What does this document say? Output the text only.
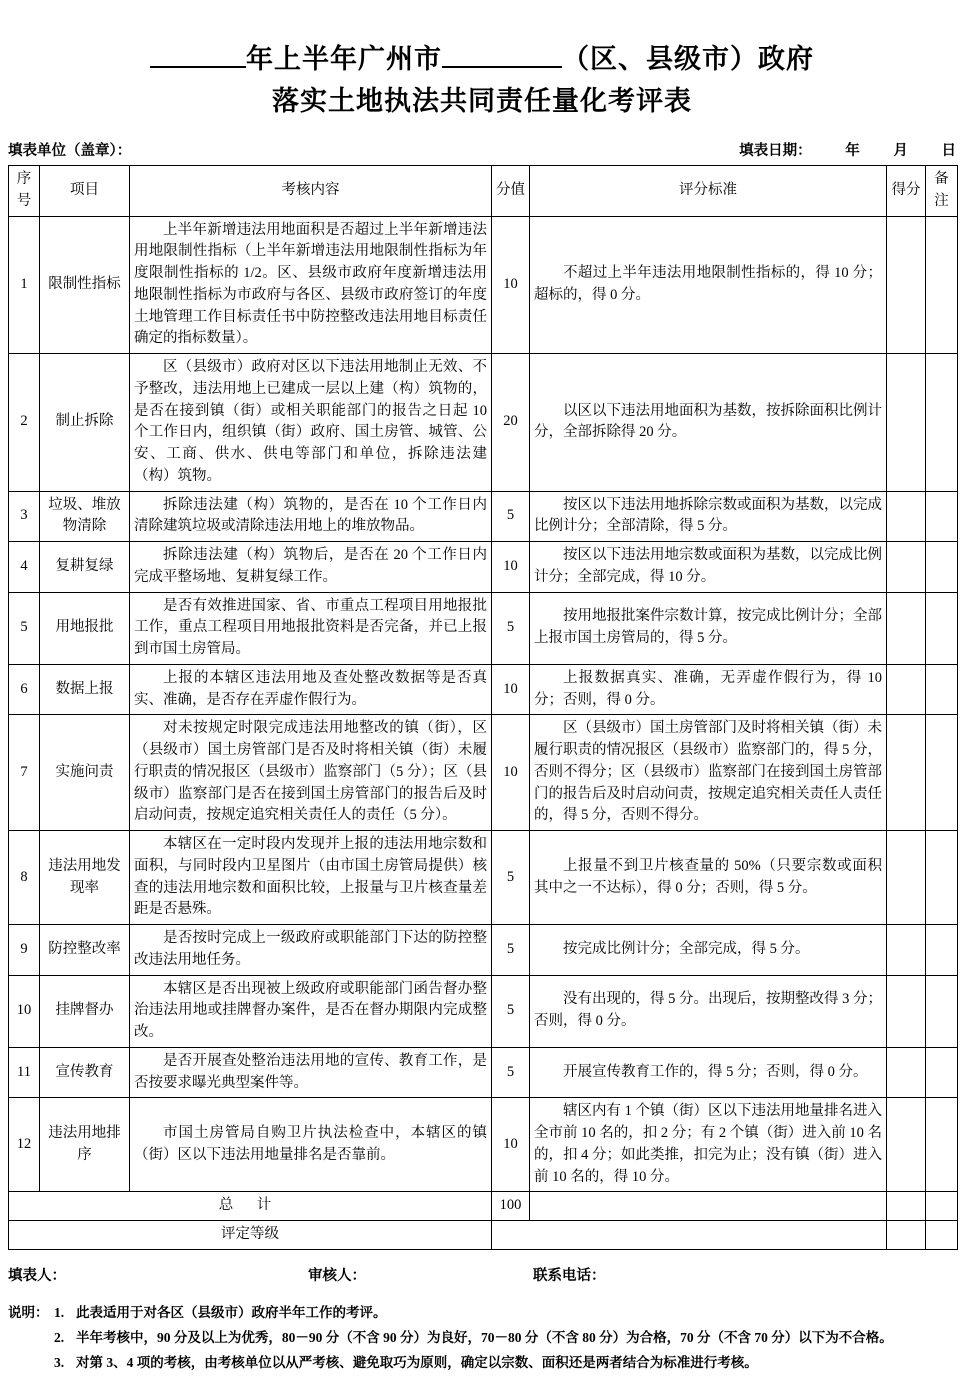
年上半年广州市	（区、县级市）政府
落实土地执法共同责任量化考评表
填表单位（盖章）：	填表日期： 年 月 日
序号	项目	考核内容	分值	评分标准	得分	备注
1	限制性指标	上半年新增违法用地面积是否超过上半年新增违法用地限制性指标（上半年新增违法用地限制性指标为年度限制性指标的 1/2。区、县级市政府年度新增违法用地限制性指标为市政府与各区、县级市政府签订的年度土地管理工作目标责任书中防控整改违法用地目标责任确定的指标数量）。	10	不超过上半年违法用地限制性指标的，得 10 分；超标的，得 0 分。		
2	制止拆除	区（县级市）政府对区以下违法用地制止无效、不予整改，违法用地上已建成一层以上建（构）筑物的，是否在接到镇（街）或相关职能部门的报告之日起 10 个工作日内，组织镇（街）政府、国土房管、城管、公安、工商、供水、供电等部门和单位，拆除违法建（构）筑物。	20	以区以下违法用地面积为基数，按拆除面积比例计分，全部拆除得 20 分。		
3	垃圾、堆放物清除	拆除违法建（构）筑物的，是否在 10 个工作日内清除建筑垃圾或清除违法用地上的堆放物品。	5	按区以下违法用地拆除宗数或面积为基数，以完成比例计分；全部清除，得 5 分。		
4	复耕复绿	拆除违法建（构）筑物后，是否在 20 个工作日内完成平整场地、复耕复绿工作。	10	按区以下违法用地宗数或面积为基数，以完成比例计分；全部完成，得 10 分。		
5	用地报批	是否有效推进国家、省、市重点工程项目用地报批工作，重点工程项目用地报批资料是否完备，并已上报到市国土房管局。	5	按用地报批案件宗数计算，按完成比例计分；全部上报市国土房管局的，得 5 分。		
6	数据上报	上报的本辖区违法用地及查处整改数据等是否真实、准确，是否存在弄虚作假行为。	10	上报数据真实、准确，无弄虚作假行为，得 10 分；否则，得 0 分。		
7	实施问责	对未按规定时限完成违法用地整改的镇（街），区（县级市）国土房管部门是否及时将相关镇（街）未履行职责的情况报区（县级市）监察部门（5 分）；区（县级市）监察部门是否在接到国土房管部门的报告后及时启动问责，按规定追究相关责任人的责任（5 分）。	10	区（县级市）国土房管部门及时将相关镇（街）未履行职责的情况报区（县级市）监察部门的，得 5 分，否则不得分；区（县级市）监察部门在接到国土房管部门的报告后及时启动问责，按规定追究相关责任人责任的，得 5 分，否则不得分。		
8	违法用地发现率	本辖区在一定时段内发现并上报的违法用地宗数和面积，与同时段内卫星图片（由市国土房管局提供）核查的违法用地宗数和面积比较，上报量与卫片核查量差距是否悬殊。	5	上报量不到卫片核查量的 50%（只要宗数或面积其中之一不达标），得 0 分；否则，得 5 分。		
9	防控整改率	是否按时完成上一级政府或职能部门下达的防控整改违法用地任务。	5	按完成比例计分；全部完成，得 5 分。		
10	挂牌督办	本辖区是否出现被上级政府或职能部门函告督办整治违法用地或挂牌督办案件，是否在督办期限内完成整改。	5	没有出现的，得 5 分。出现后，按期整改得 3 分；否则，得 0 分。		
11	宣传教育	是否开展查处整治违法用地的宣传、教育工作，是否按要求曝光典型案件等。	5	开展宣传教育工作的，得 5 分；否则，得 0 分。		
12	违法用地排序	市国土房管局自购卫片执法检查中，本辖区的镇（街）区以下违法用地量排名是否靠前。	10	辖区内有 1 个镇（街）区以下违法用地量排名进入全市前 10 名的，扣 2 分；有 2 个镇（街）进入前 10 名的，扣 4 分；如此类推，扣完为止；没有镇（街）进入前 10 名的，得 10 分。		
总 计			100			
评定等级						
填表人：	审核人：	联系电话：
说明： 1. 此表适用于对各区（县级市）政府半年工作的考评。
2. 半年考核中，90 分及以上为优秀，80－90 分（不含 90 分）为良好，70－80 分（不含 80 分）为合格，70 分（不含 70 分）以下为不合格。
3. 对第 3、4 项的考核，由考核单位以从严考核、避免取巧为原则，确定以宗数、面积还是两者结合为标准进行考核。
